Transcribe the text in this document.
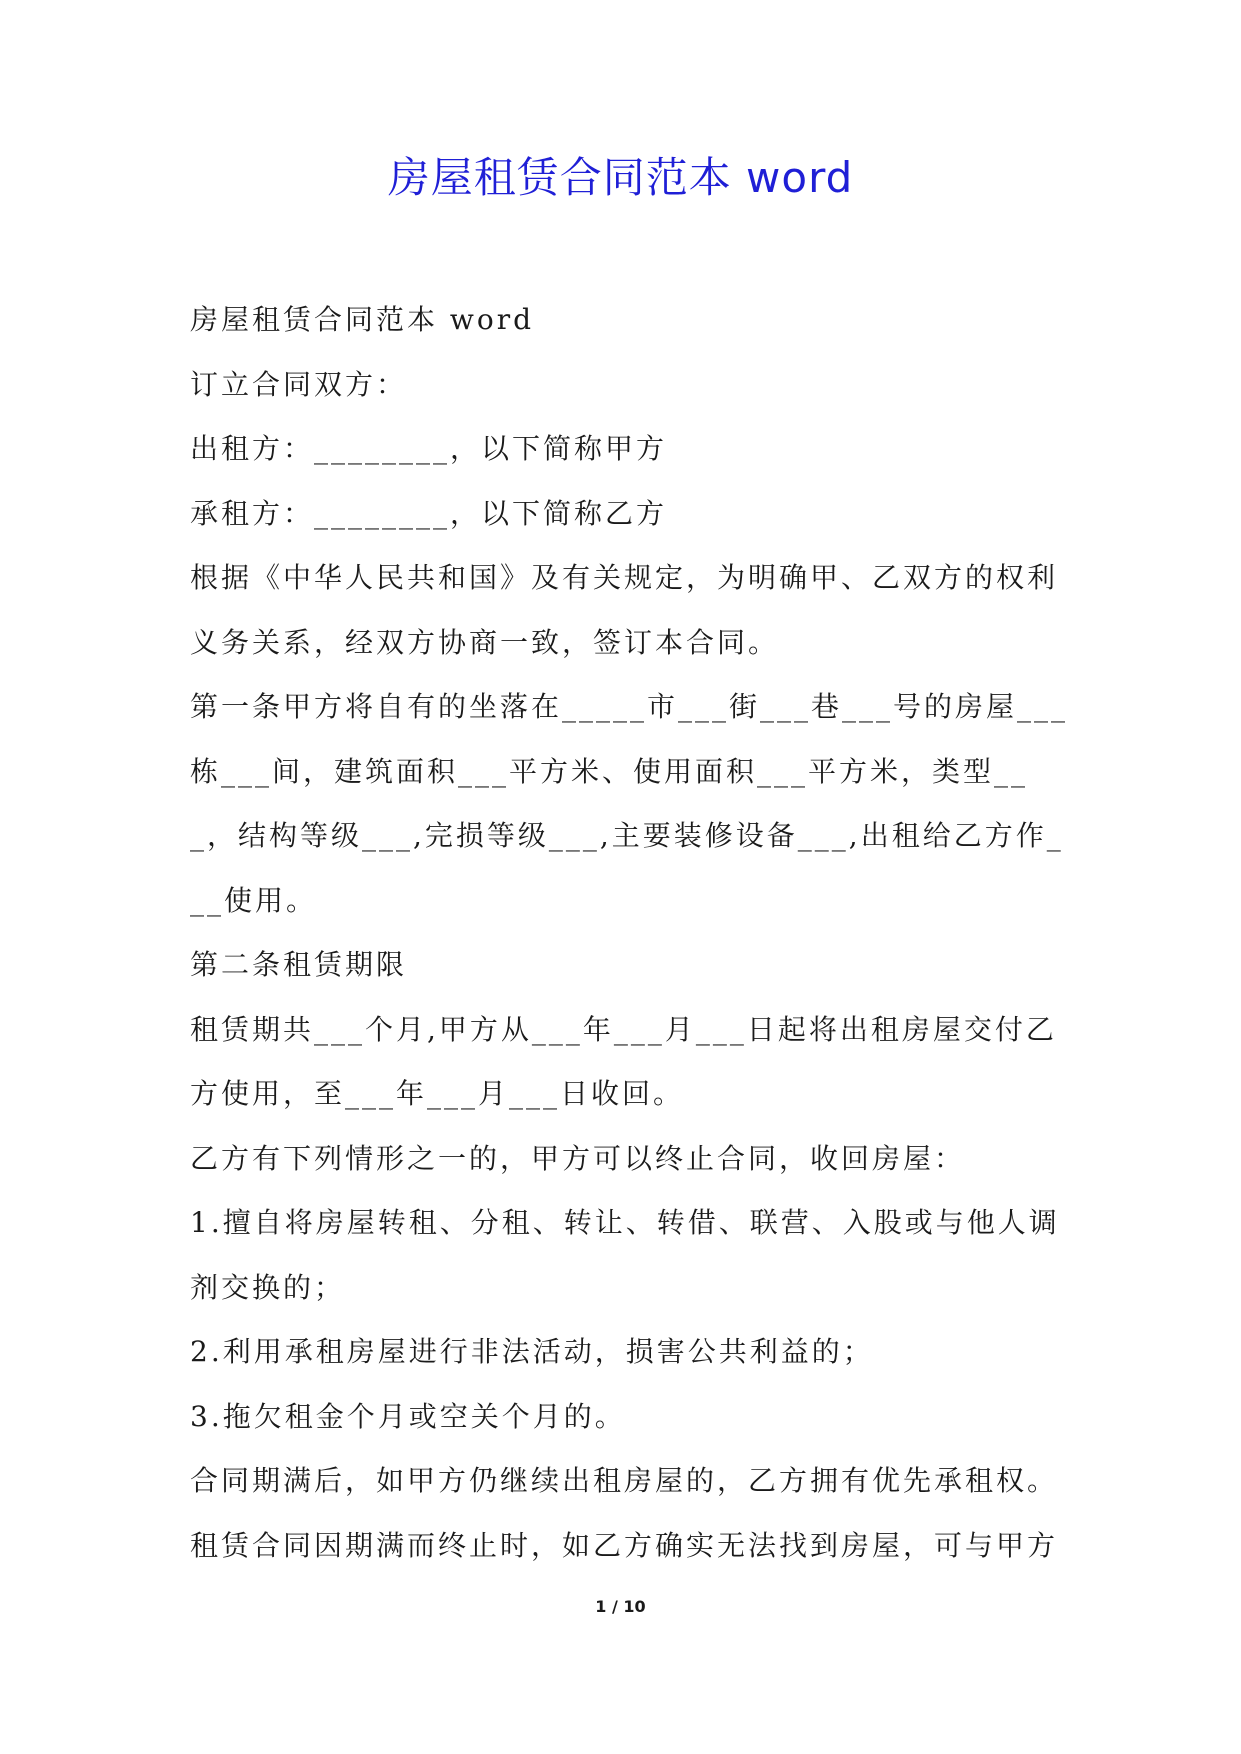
房屋租赁合同范本 word

房屋租赁合同范本 word

订立合同双方：

出租方：________，以下简称甲方

承租方：________，以下简称乙方

根据《中华人民共和国》及有关规定，为明确甲、乙双方的权利义务关系，经双方协商一致，签订本合同。

第一条甲方将自有的坐落在_____市___街___巷___号的房屋___栋___间，建筑面积___平方米、使用面积___平方米，类型___，结构等级___,完损等级___,主要装修设备___,出租给乙方作___使用。

第二条租赁期限

租赁期共___个月,甲方从___年___月___日起将出租房屋交付乙方使用，至___年___月___日收回。

乙方有下列情形之一的，甲方可以终止合同，收回房屋：

1.擅自将房屋转租、分租、转让、转借、联营、入股或与他人调剂交换的；

2.利用承租房屋进行非法活动，损害公共利益的；

3.拖欠租金个月或空关个月的。

合同期满后，如甲方仍继续出租房屋的，乙方拥有优先承租权。

租赁合同因期满而终止时，如乙方确实无法找到房屋，可与甲方

1 / 10
